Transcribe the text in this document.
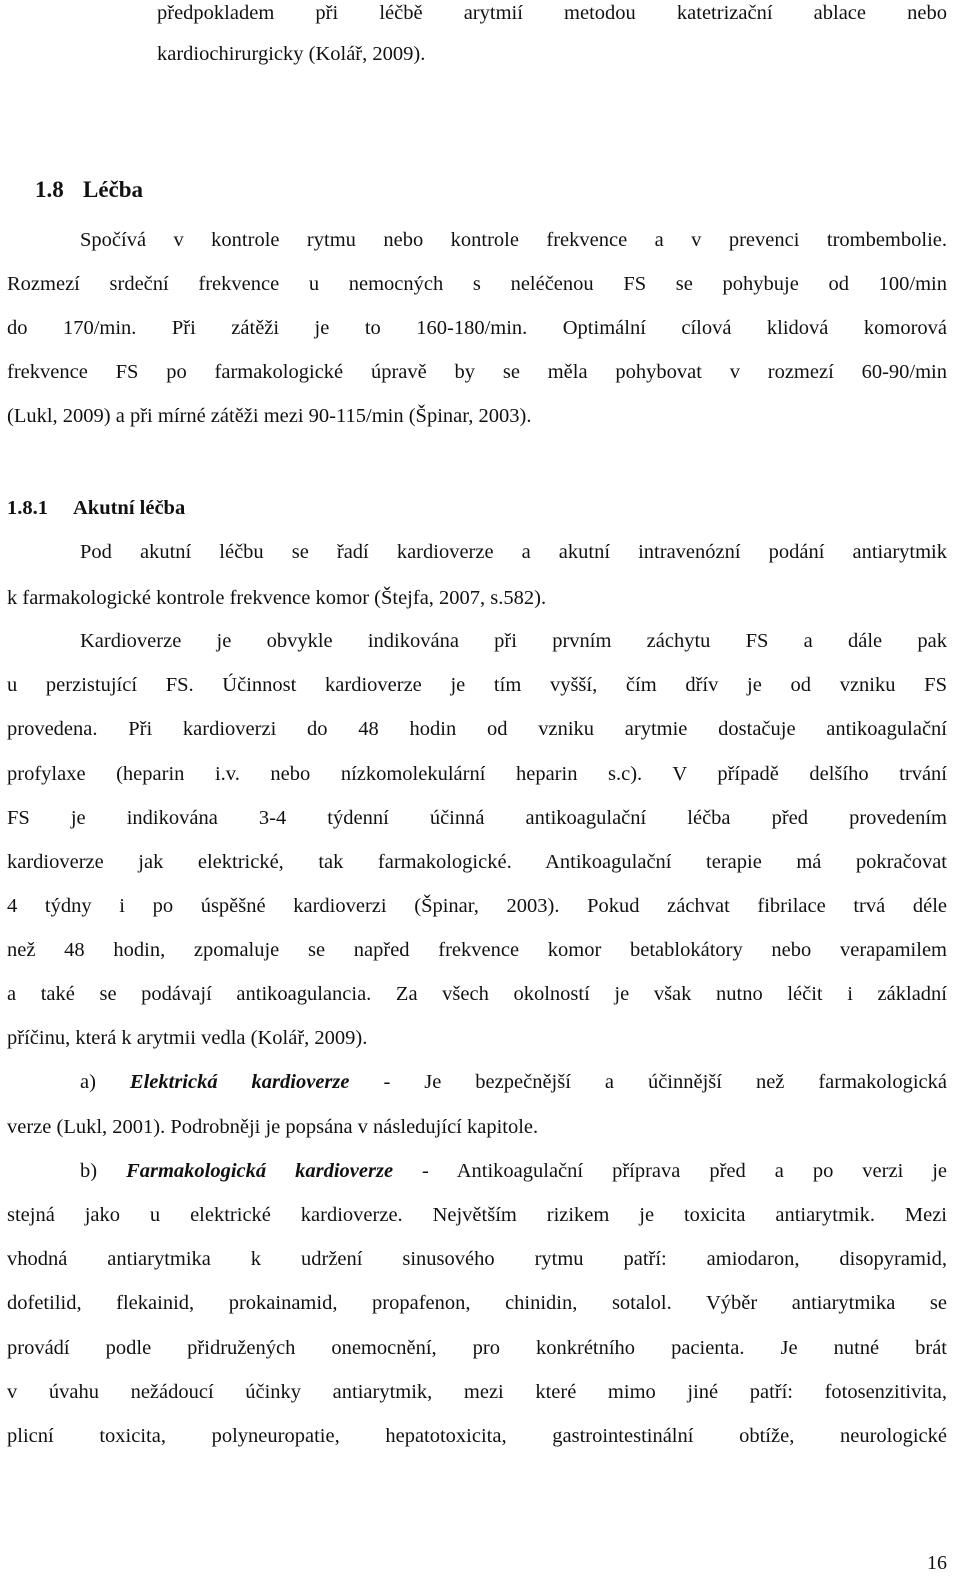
předpokladem při léčbě arytmií metodou katetrizační ablace nebo
kardiochirurgicky (Kolář, 2009).
1.8 Léčba
Spočívá v kontrole rytmu nebo kontrole frekvence a v prevenci trombembolie.
Rozmezí srdeční frekvence u nemocných s neléčenou FS se pohybuje od 100/min
do 170/min. Při zátěži je to 160-180/min. Optimální cílová klidová komorová
frekvence FS po farmakologické úpravě by se měla pohybovat v rozmezí 60-90/min
(Lukl, 2009) a při mírné zátěži mezi 90-115/min (Špinar, 2003).
1.8.1 Akutní léčba
Pod akutní léčbu se řadí kardioverze a akutní intravenózní podání antiarytmik
k farmakologické kontrole frekvence komor (Štejfa, 2007, s.582).
Kardioverze je obvykle indikována při prvním záchytu FS a dále pak
u perzistující FS. Účinnost kardioverze je tím vyšší, čím dřív je od vzniku FS
provedena. Při kardioverzi do 48 hodin od vzniku arytmie dostačuje antikoagulační
profylaxe (heparin i.v. nebo nízkomolekulární heparin s.c). V případě delšího trvání
FS je indikována 3-4 týdenní účinná antikoagulační léčba před provedením
kardioverze jak elektrické, tak farmakologické. Antikoagulační terapie má pokračovat
4 týdny i po úspěšné kardioverzi (Špinar, 2003). Pokud záchvat fibrilace trvá déle
než 48 hodin, zpomaluje se napřed frekvence komor betablokátory nebo verapamilem
a také se podávají antikoagulancia. Za všech okolností je však nutno léčit i základní
příčinu, která k arytmii vedla (Kolář, 2009).
a) Elektrická kardioverze - Je bezpečnější a účinnější než farmakologická
verze (Lukl, 2001). Podrobněji je popsána v následující kapitole.
b) Farmakologická kardioverze - Antikoagulační příprava před a po verzi je
stejná jako u elektrické kardioverze. Největším rizikem je toxicita antiarytmik. Mezi
vhodná antiarytmika k udržení sinusového rytmu patří: amiodaron, disopyramid,
dofetilid, flekainid, prokainamid, propafenon, chinidin, sotalol. Výběr antiarytmika se
provádí podle přidružených onemocnění, pro konkrétního pacienta. Je nutné brát
v úvahu nežádoucí účinky antiarytmik, mezi které mimo jiné patří: fotosenzitivita,
plicní toxicita, polyneuropatie, hepatotoxicita, gastrointestinální obtíže, neurologické
16
